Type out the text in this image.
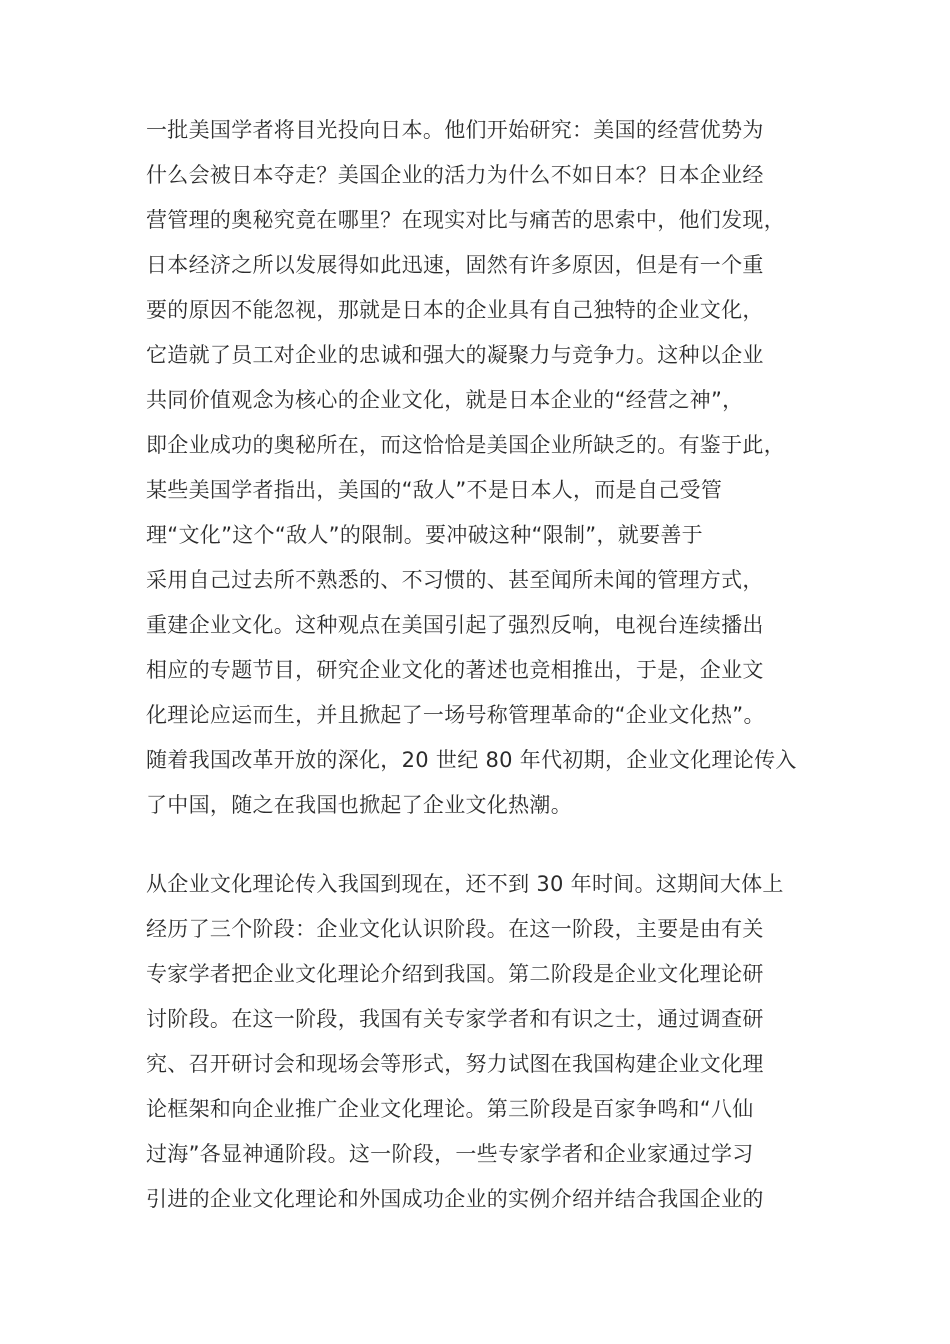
一批美国学者将目光投向日本。他们开始研究：美国的经营优势为
什么会被日本夺走？美国企业的活力为什么不如日本？日本企业经
营管理的奥秘究竟在哪里？在现实对比与痛苦的思索中，他们发现，
日本经济之所以发展得如此迅速，固然有许多原因，但是有一个重
要的原因不能忽视，那就是日本的企业具有自己独特的企业文化，
它造就了员工对企业的忠诚和强大的凝聚力与竞争力。这种以企业
共同价值观念为核心的企业文化，就是日本企业的“经营之神”，
即企业成功的奥秘所在，而这恰恰是美国企业所缺乏的。有鉴于此，
某些美国学者指出，美国的“敌人”不是日本人，而是自己受管
理“文化”这个“敌人”的限制。要冲破这种“限制”，就要善于
采用自己过去所不熟悉的、不习惯的、甚至闻所未闻的管理方式，
重建企业文化。这种观点在美国引起了强烈反响，电视台连续播出
相应的专题节目，研究企业文化的著述也竞相推出，于是，企业文
化理论应运而生，并且掀起了一场号称管理革命的“企业文化热”。
随着我国改革开放的深化，20 世纪 80 年代初期，企业文化理论传入
了中国，随之在我国也掀起了企业文化热潮。
从企业文化理论传入我国到现在，还不到 30 年时间。这期间大体上
经历了三个阶段：企业文化认识阶段。在这一阶段，主要是由有关
专家学者把企业文化理论介绍到我国。第二阶段是企业文化理论研
讨阶段。在这一阶段，我国有关专家学者和有识之士，通过调查研
究、召开研讨会和现场会等形式，努力试图在我国构建企业文化理
论框架和向企业推广企业文化理论。第三阶段是百家争鸣和“八仙
过海”各显神通阶段。这一阶段，一些专家学者和企业家通过学习
引进的企业文化理论和外国成功企业的实例介绍并结合我国企业的
